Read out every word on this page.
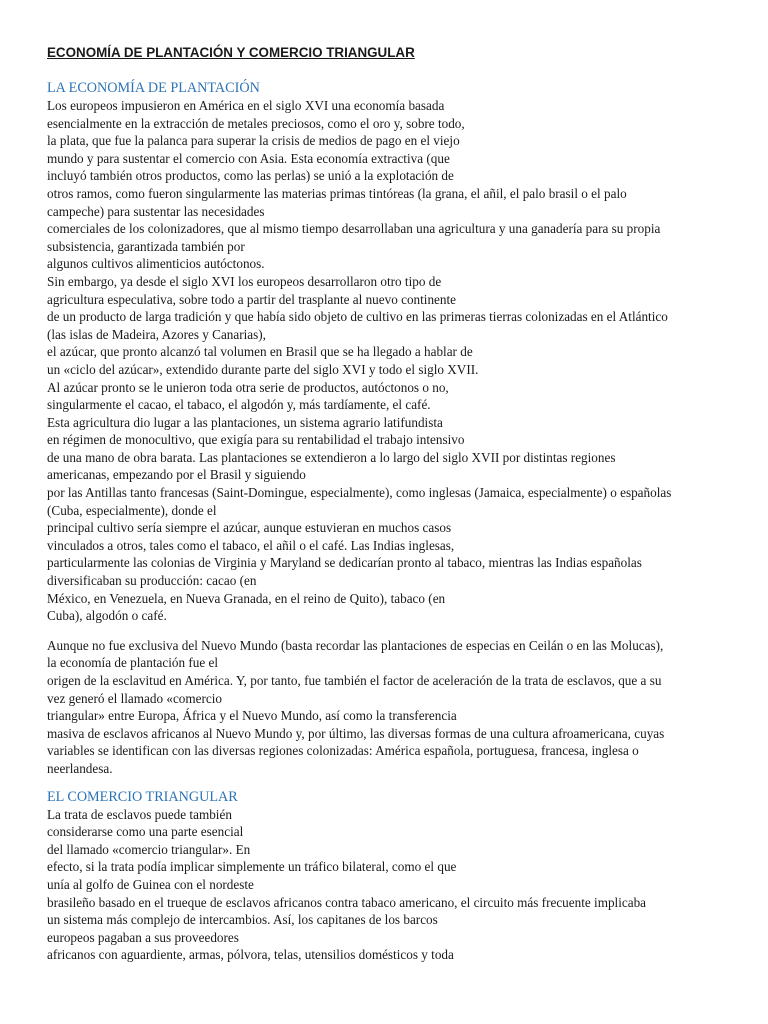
ECONOMÍA DE PLANTACIÓN Y COMERCIO TRIANGULAR
LA ECONOMÍA DE PLANTACIÓN
Los europeos impusieron en América en el siglo XVI una economía basada
esencialmente en la extracción de metales preciosos, como el oro y, sobre todo,
la plata, que fue la palanca para superar la crisis de medios de pago en el viejo
mundo y para sustentar el comercio con Asia. Esta economía extractiva (que
incluyó también otros productos, como las perlas) se unió a la explotación de
otros ramos, como fueron singularmente las materias primas tintóreas (la grana, el añil, el palo brasil o el palo
campeche) para sustentar las necesidades
comerciales de los colonizadores, que al mismo tiempo desarrollaban una agricultura y una ganadería para su propia
subsistencia, garantizada también por
algunos cultivos alimenticios autóctonos.
Sin embargo, ya desde el siglo XVI los europeos desarrollaron otro tipo de
agricultura especulativa, sobre todo a partir del trasplante al nuevo continente
de un producto de larga tradición y que había sido objeto de cultivo en las primeras tierras colonizadas en el Atlántico
(las islas de Madeira, Azores y Canarias),
el azúcar, que pronto alcanzó tal volumen en Brasil que se ha llegado a hablar de
un «ciclo del azúcar», extendido durante parte del siglo XVI y todo el siglo XVII.
Al azúcar pronto se le unieron toda otra serie de productos, autóctonos o no,
singularmente el cacao, el tabaco, el algodón y, más tardíamente, el café.
Esta agricultura dio lugar a las plantaciones, un sistema agrario latifundista
en régimen de monocultivo, que exigía para su rentabilidad el trabajo intensivo
de una mano de obra barata. Las plantaciones se extendieron a lo largo del siglo XVII por distintas regiones
americanas, empezando por el Brasil y siguiendo
por las Antillas tanto francesas (Saint-Domingue, especialmente), como inglesas (Jamaica, especialmente) o españolas
(Cuba, especialmente), donde el
principal cultivo sería siempre el azúcar, aunque estuvieran en muchos casos
vinculados a otros, tales como el tabaco, el añil o el café. Las Indias inglesas,
particularmente las colonias de Virginia y Maryland se dedicarían pronto al tabaco, mientras las Indias españolas
diversificaban su producción: cacao (en
México, en Venezuela, en Nueva Granada, en el reino de Quito), tabaco (en
Cuba), algodón o café.
Aunque no fue exclusiva del Nuevo Mundo (basta recordar las plantaciones de especias en Ceilán o en las Molucas),
la economía de plantación fue el
origen de la esclavitud en América. Y, por tanto, fue también el factor de aceleración de la trata de esclavos, que a su
vez generó el llamado «comercio
triangular» entre Europa, África y el Nuevo Mundo, así como la transferencia
masiva de esclavos africanos al Nuevo Mundo y, por último, las diversas formas de una cultura afroamericana, cuyas
variables se identifican con las diversas regiones colonizadas: América española, portuguesa, francesa, inglesa o
neerlandesa.
EL COMERCIO TRIANGULAR
La trata de esclavos puede también
considerarse como una parte esencial
del llamado «comercio triangular». En
efecto, si la trata podía implicar simplemente un tráfico bilateral, como el que
unía al golfo de Guinea con el nordeste
brasileño basado en el trueque de esclavos africanos contra tabaco americano, el circuito más frecuente implicaba
un sistema más complejo de intercambios. Así, los capitanes de los barcos
europeos pagaban a sus proveedores
africanos con aguardiente, armas, pólvora, telas, utensilios domésticos y toda
